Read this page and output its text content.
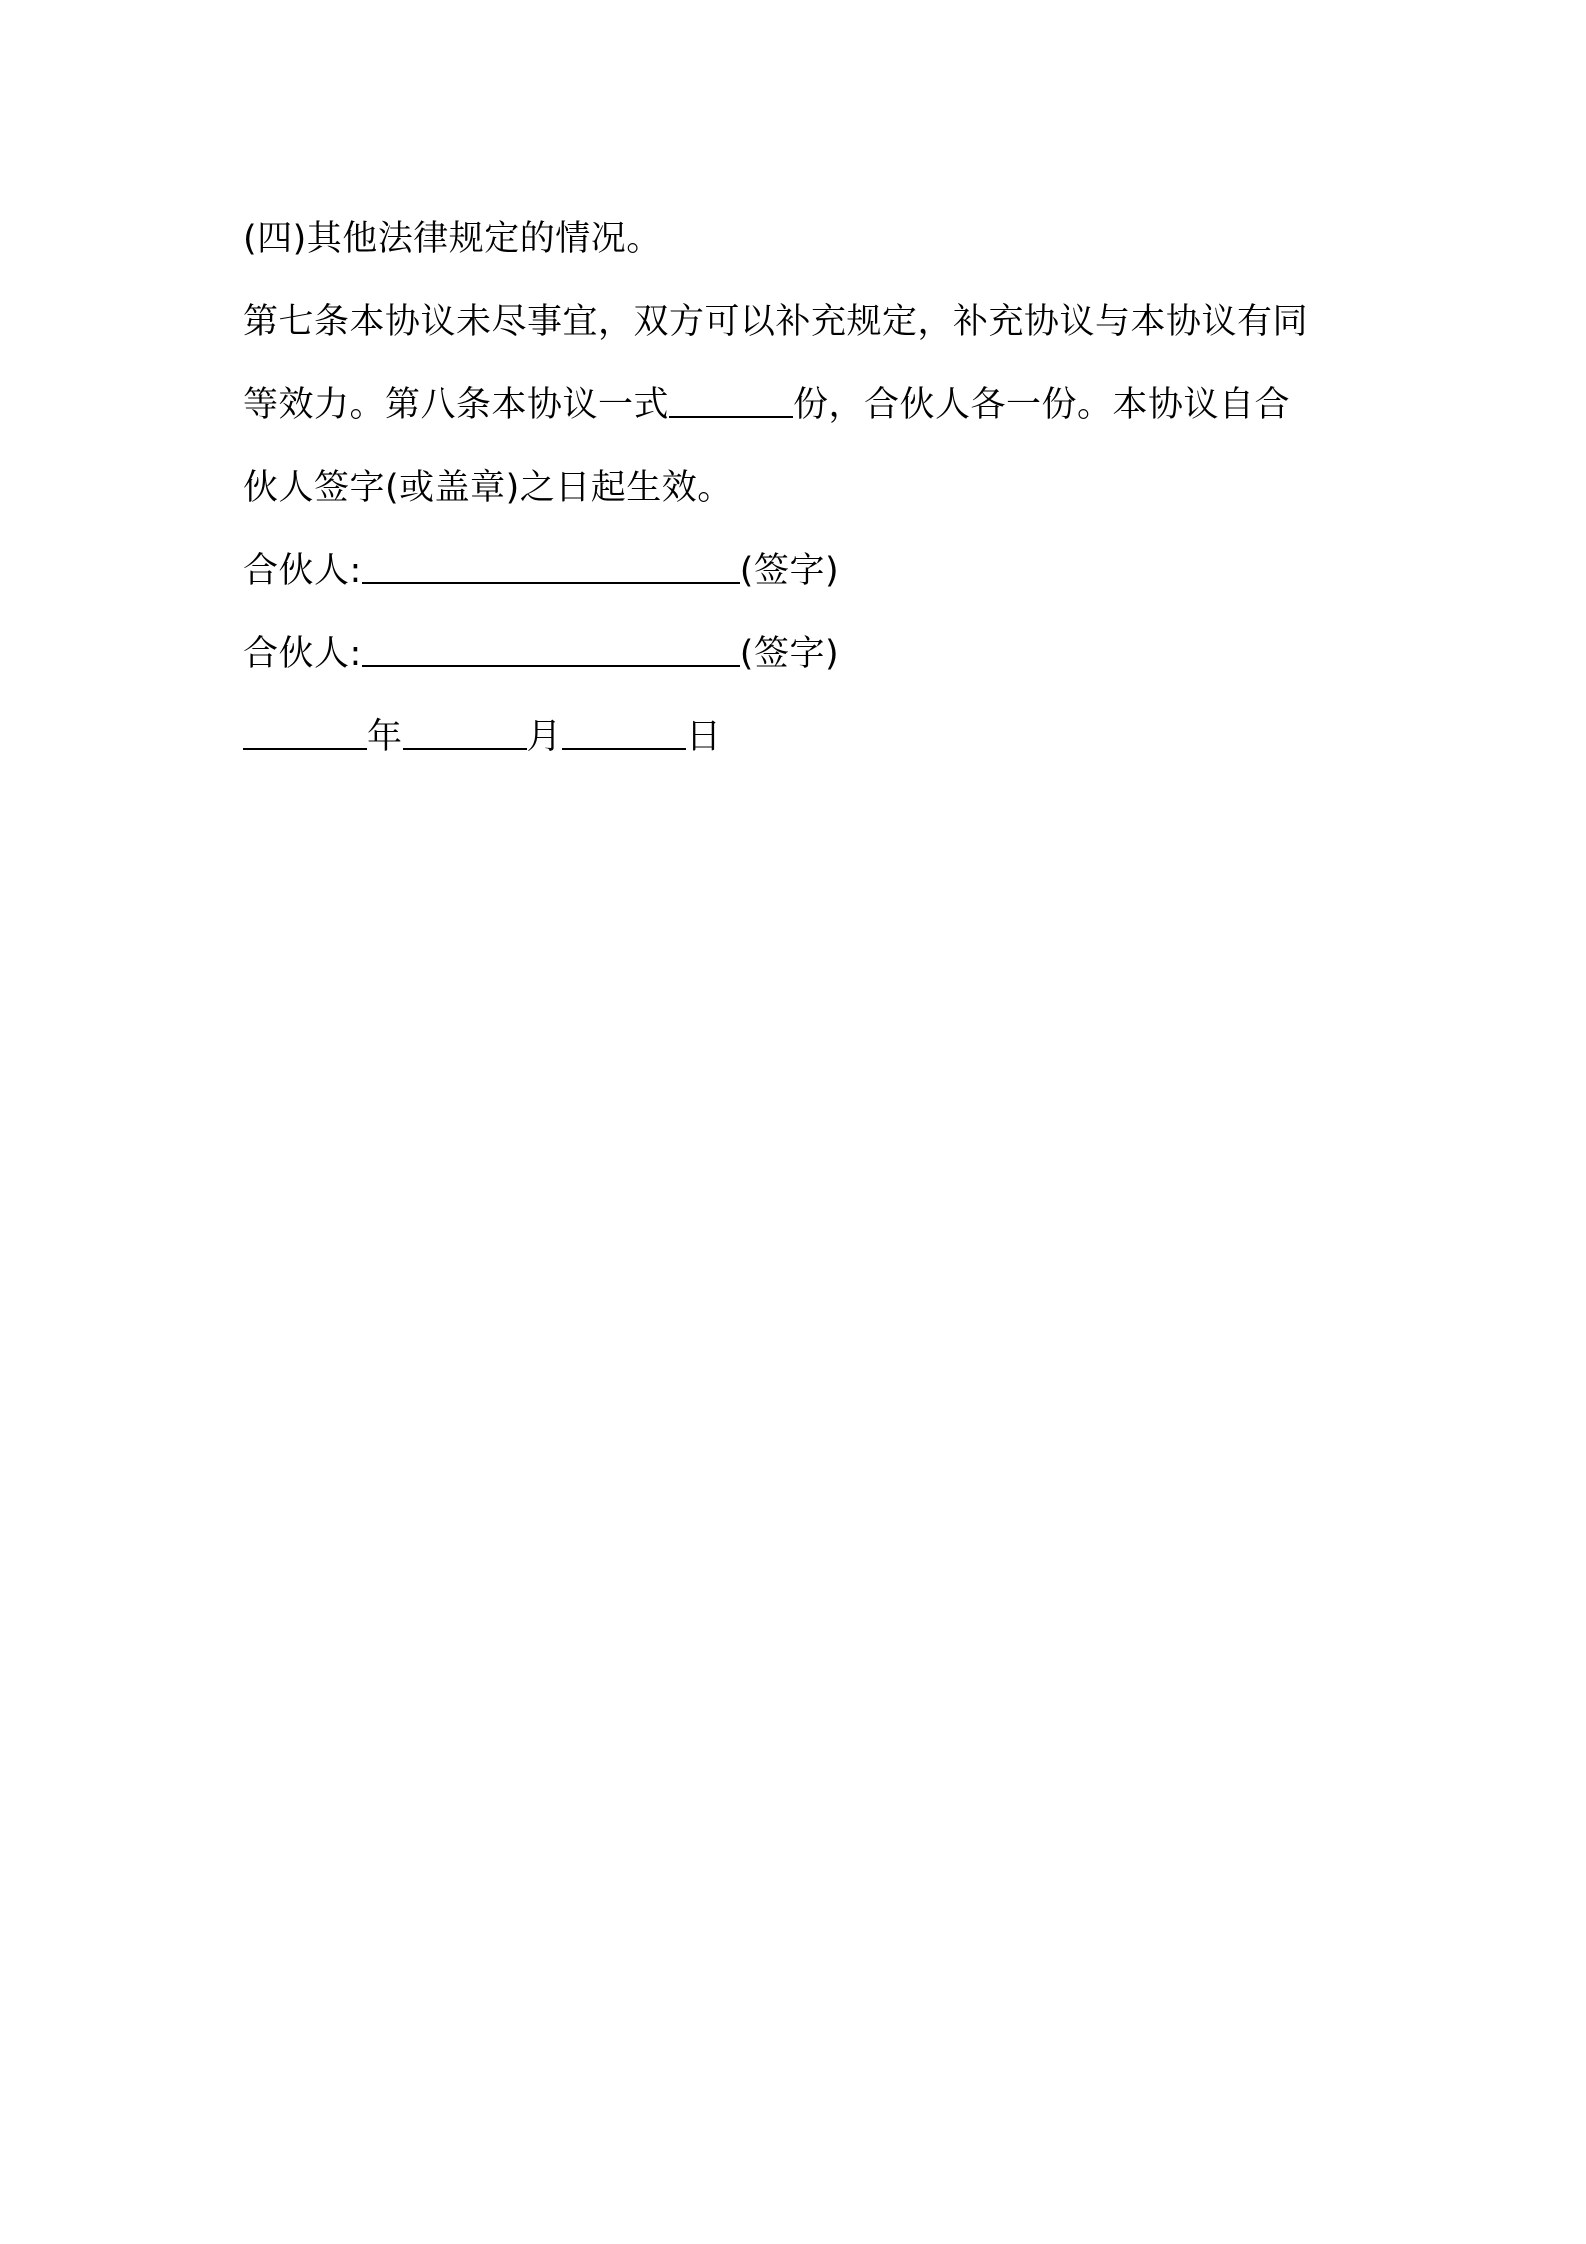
(四)其他法律规定的情况。
第七条本协议未尽事宜，双方可以补充规定，补充协议与本协议有同
等效力。第八条本协议一式	份，合伙人各一份。本协议自合
伙人签字(或盖章)之日起生效。
合伙人:	(签字)
合伙人:	(签字)
年	月	日
